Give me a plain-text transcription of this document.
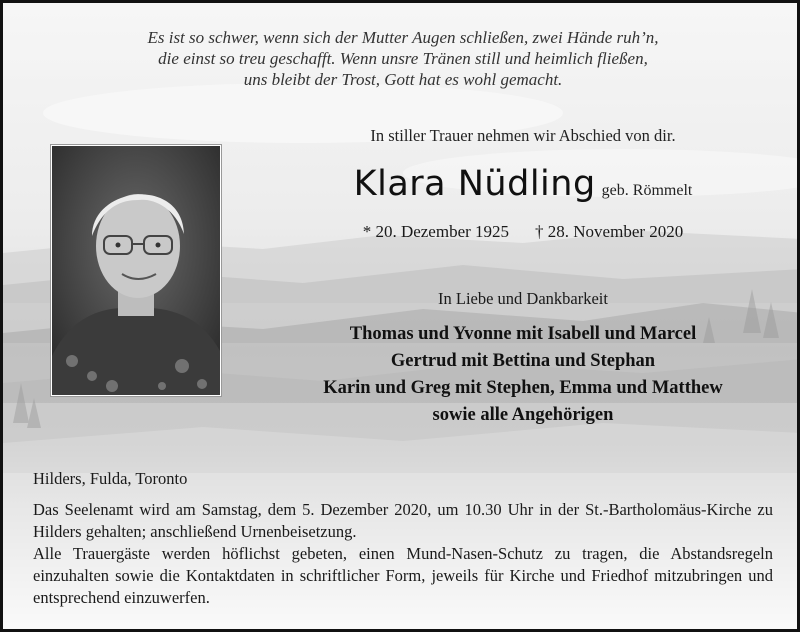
Es ist so schwer, wenn sich der Mutter Augen schließen, zwei Hände ruh’n,
die einst so treu geschafft. Wenn unsre Tränen still und heimlich fließen,
uns bleibt der Trost, Gott hat es wohl gemacht.
In stiller Trauer nehmen wir Abschied von dir.
Klara Nüdling geb. Römmelt
* 20. Dezember 1925 † 28. November 2020
In Liebe und Dankbarkeit
Thomas und Yvonne mit Isabell und Marcel
Gertrud mit Bettina und Stephan
Karin und Greg mit Stephen, Emma und Matthew
sowie alle Angehörigen
Hilders, Fulda, Toronto

Das Seelenamt wird am Samstag, dem 5. Dezember 2020, um 10.30 Uhr in der St.-Bartholomäus-Kirche zu Hilders gehalten; anschließend Urnenbeisetzung.

Alle Trauergäste werden höflichst gebeten, einen Mund-Nasen-Schutz zu tragen, die Abstandsregeln einzuhalten sowie die Kontaktdaten in schriftlicher Form, jeweils für Kirche und Friedhof mitzubringen und entsprechend einzuwerfen.
